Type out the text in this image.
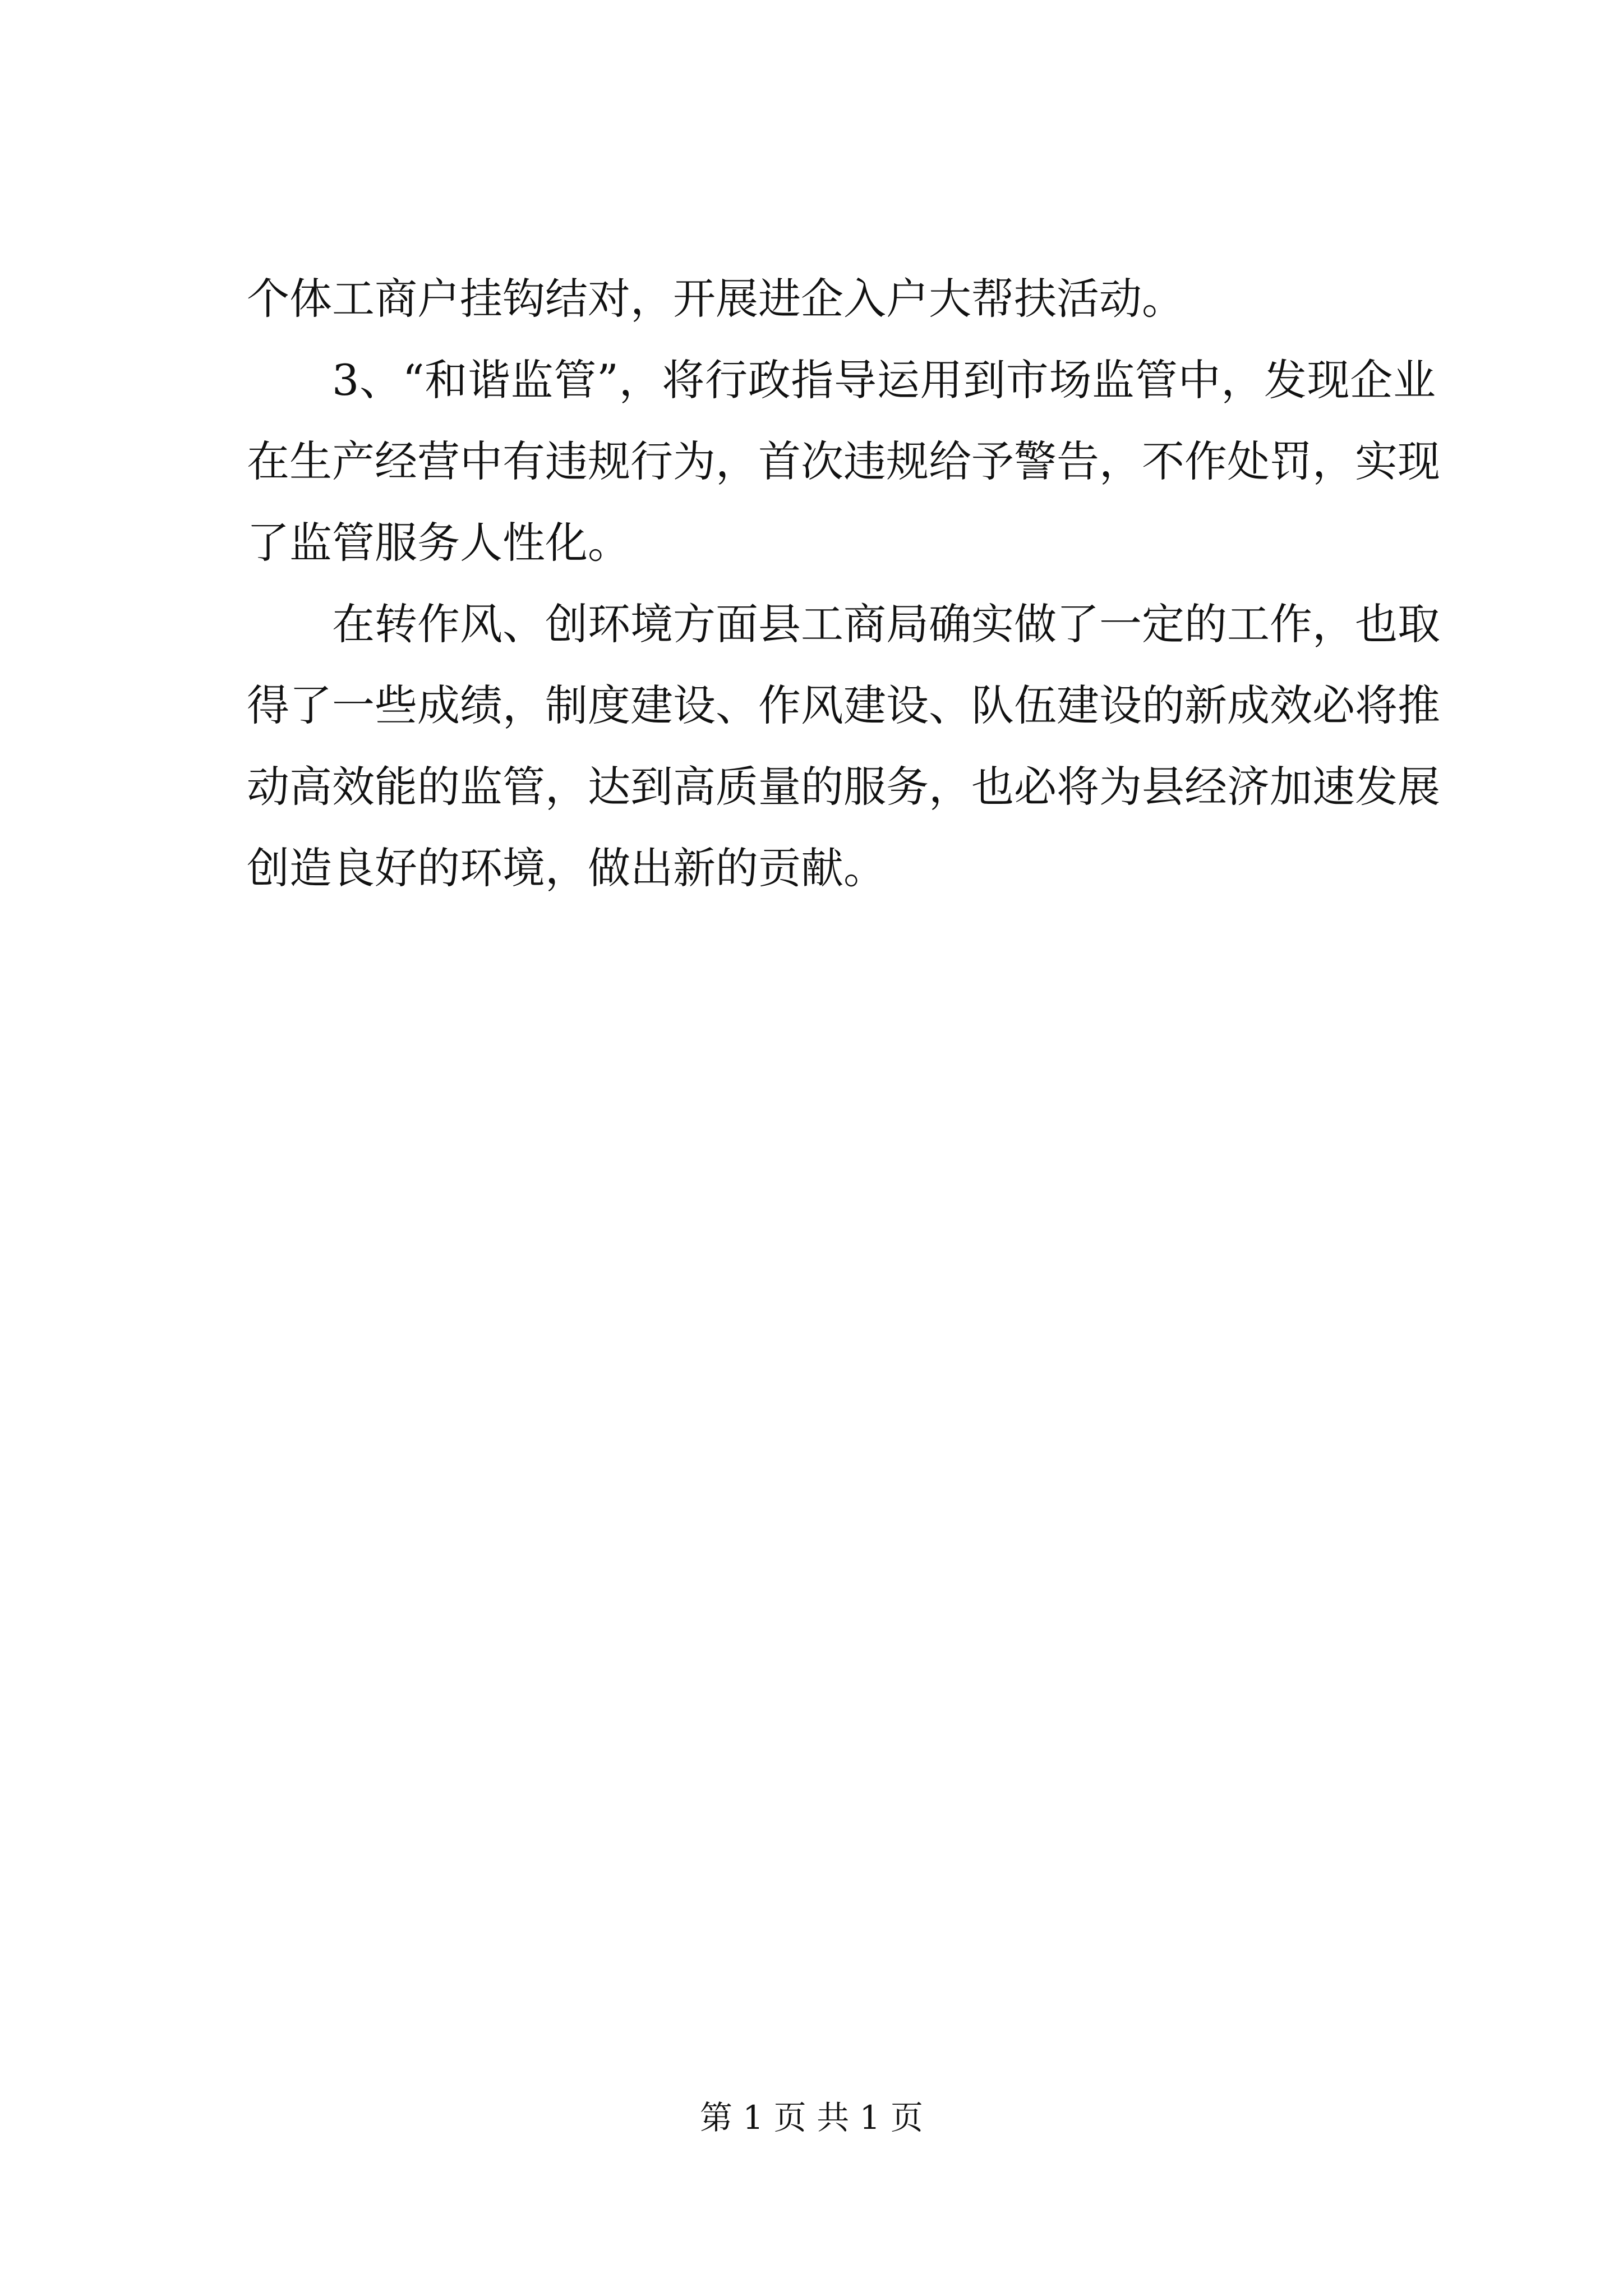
个体工商户挂钩结对，开展进企入户大帮扶活动。
3、“和谐监管”，将行政指导运用到市场监管中，发现企业
在生产经营中有违规行为，首次违规给予警告，不作处罚，实现
了监管服务人性化。
在转作风、创环境方面县工商局确实做了一定的工作，也取
得了一些成绩，制度建设、作风建设、队伍建设的新成效必将推
动高效能的监管，达到高质量的服务，也必将为县经济加速发展
创造良好的环境，做出新的贡献。
第 1 页 共 1 页
